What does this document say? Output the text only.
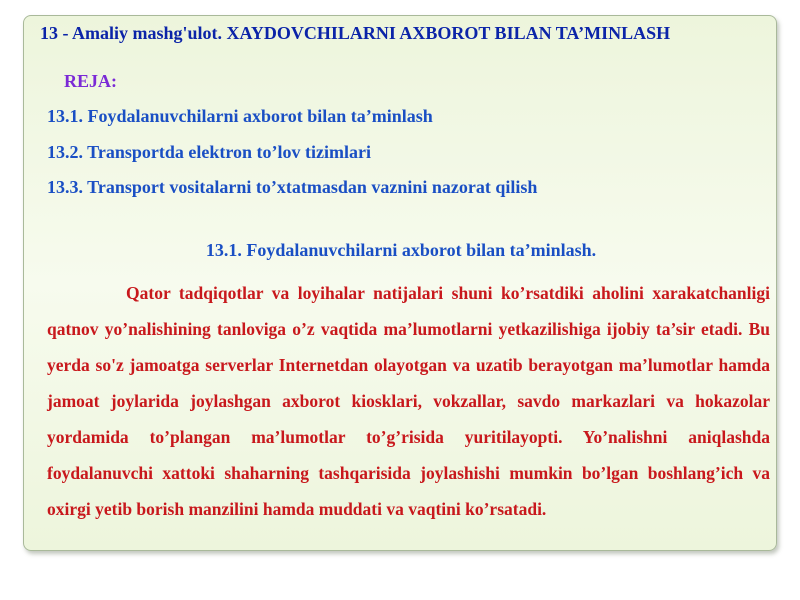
13 - Amaliy mashg'ulot. XAYDOVCHILARNI AXBOROT BILAN TA’MINLASH
REJA:
13.1. Foydalanuvchilarni axborot bilan ta’minlash
13.2. Transportda elektron to’lov tizimlari
13.3. Transport vositalarni to’xtatmasdan vaznini nazorat qilish
13.1. Foydalanuvchilarni axborot bilan ta’minlash.

Qator tadqiqotlar va loyihalar natijalari shuni ko’rsatdiki aholini xarakatchanligi qatnov yo’nalishining tanloviga o’z vaqtida ma’lumotlarni yetkazilishiga ijobiy ta’sir etadi. Bu yerda so'z jamoatga serverlar Internetdan olayotgan va uzatib berayotgan ma’lumotlar hamda jamoat joylarida joylashgan axborot kiosklari, vokzallar, savdo markazlari va hokazolar yordamida to’plangan ma’lumotlar to’g’risida yuritilayopti. Yo’nalishni aniqlashda foydalanuvchi xattoki shaharning tashqarisida joylashishi mumkin bo’lgan boshlang’ich va oxirgi yetib borish manzilini hamda muddati va vaqtini ko’rsatadi.
